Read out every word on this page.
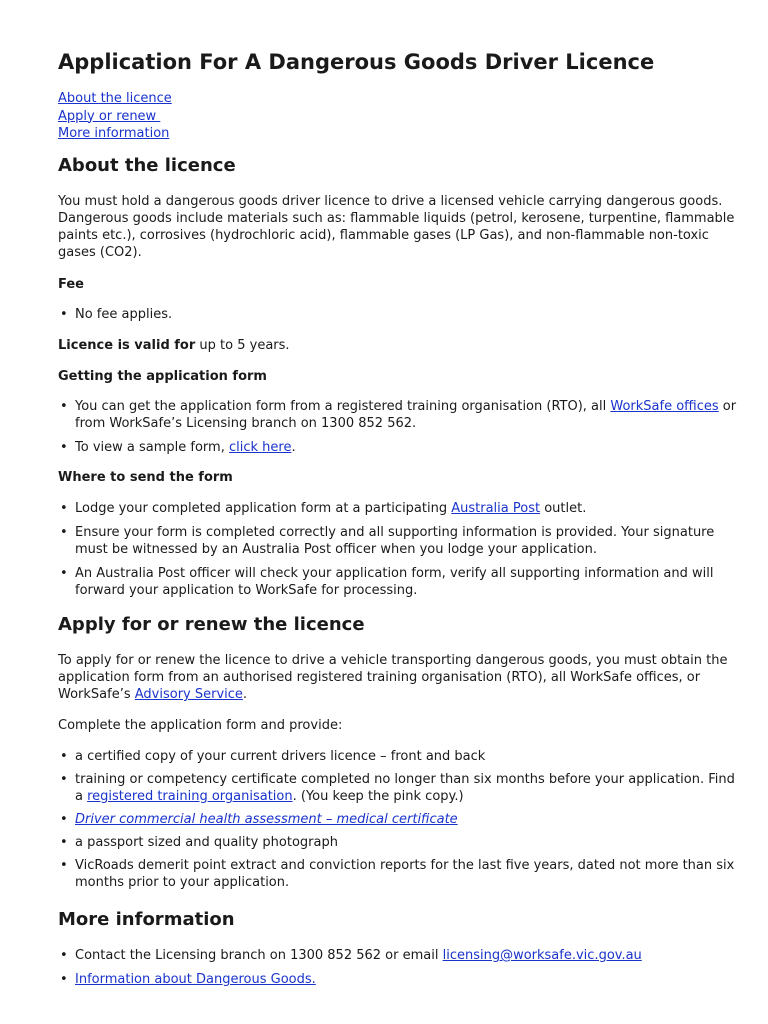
Application For A Dangerous Goods Driver Licence
About the licence
Apply or renew
More information
About the licence

You must hold a dangerous goods driver licence to drive a licensed vehicle carrying dangerous goods. Dangerous goods include materials such as: flammable liquids (petrol, kerosene, turpentine, flammable paints etc.), corrosives (hydrochloric acid), flammable gases (LP Gas), and non-flammable non-toxic gases (CO2).

Fee

• No fee applies.

Licence is valid for up to 5 years.

Getting the application form

• You can get the application form from a registered training organisation (RTO), all WorkSafe offices or from WorkSafe’s Licensing branch on 1300 852 562.
• To view a sample form, click here.

Where to send the form

• Lodge your completed application form at a participating Australia Post outlet.
• Ensure your form is completed correctly and all supporting information is provided. Your signature must be witnessed by an Australia Post officer when you lodge your application.
• An Australia Post officer will check your application form, verify all supporting information and will forward your application to WorkSafe for processing.
Apply for or renew the licence

To apply for or renew the licence to drive a vehicle transporting dangerous goods, you must obtain the application form from an authorised registered training organisation (RTO), all WorkSafe offices, or WorkSafe’s Advisory Service.

Complete the application form and provide:

• a certified copy of your current drivers licence – front and back
• training or competency certificate completed no longer than six months before your application. Find a registered training organisation. (You keep the pink copy.)
• Driver commercial health assessment – medical certificate
• a passport sized and quality photograph
• VicRoads demerit point extract and conviction reports for the last five years, dated not more than six months prior to your application.
More information
• Contact the Licensing branch on 1300 852 562 or email licensing@worksafe.vic.gov.au
• Information about Dangerous Goods.
